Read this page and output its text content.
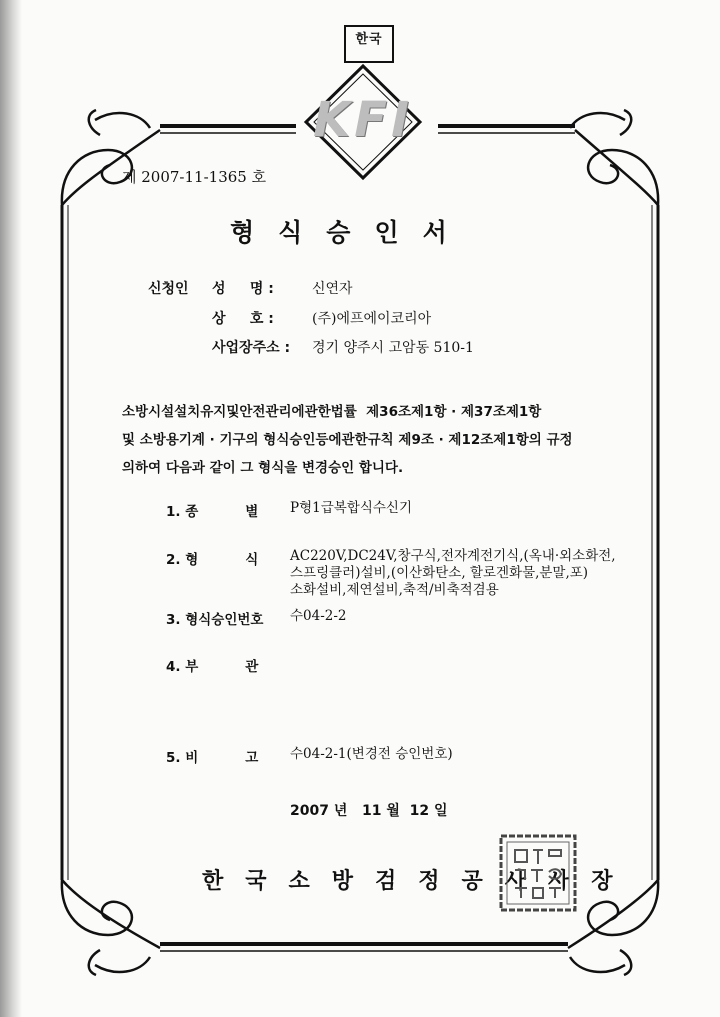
한국
KFI
제 2007-11-1365 호
형식승인서
신청인 성     명 :	신연자
상     호 :	(주)에프에이코리아
사업장주소 : 경기 양주시 고암동 510-1
소방시설설치유지및안전관리에관한법률  제36조제1항 · 제37조제1항
및 소방용기계 · 기구의 형식승인등에관한규칙 제9조 · 제12조제1항의 규정
의하여 다음과 같이 그 형식을 변경승인 합니다.
1. 종          별 P형1급복합식수신기
2. 형          식 AC220V,DC24V,창구식,전자계전기식,(옥내·외소화전,
스프링클러)설비,(이산화탄소, 할로겐화물,분말,포)
소화설비,제연설비,축적/비축적겸용
3. 형식승인번호 수04-2-2
4. 부          관
5. 비          고 수04-2-1(변경전 승인번호)
2007 년   11 월  12 일
한국소방검정공사사장
